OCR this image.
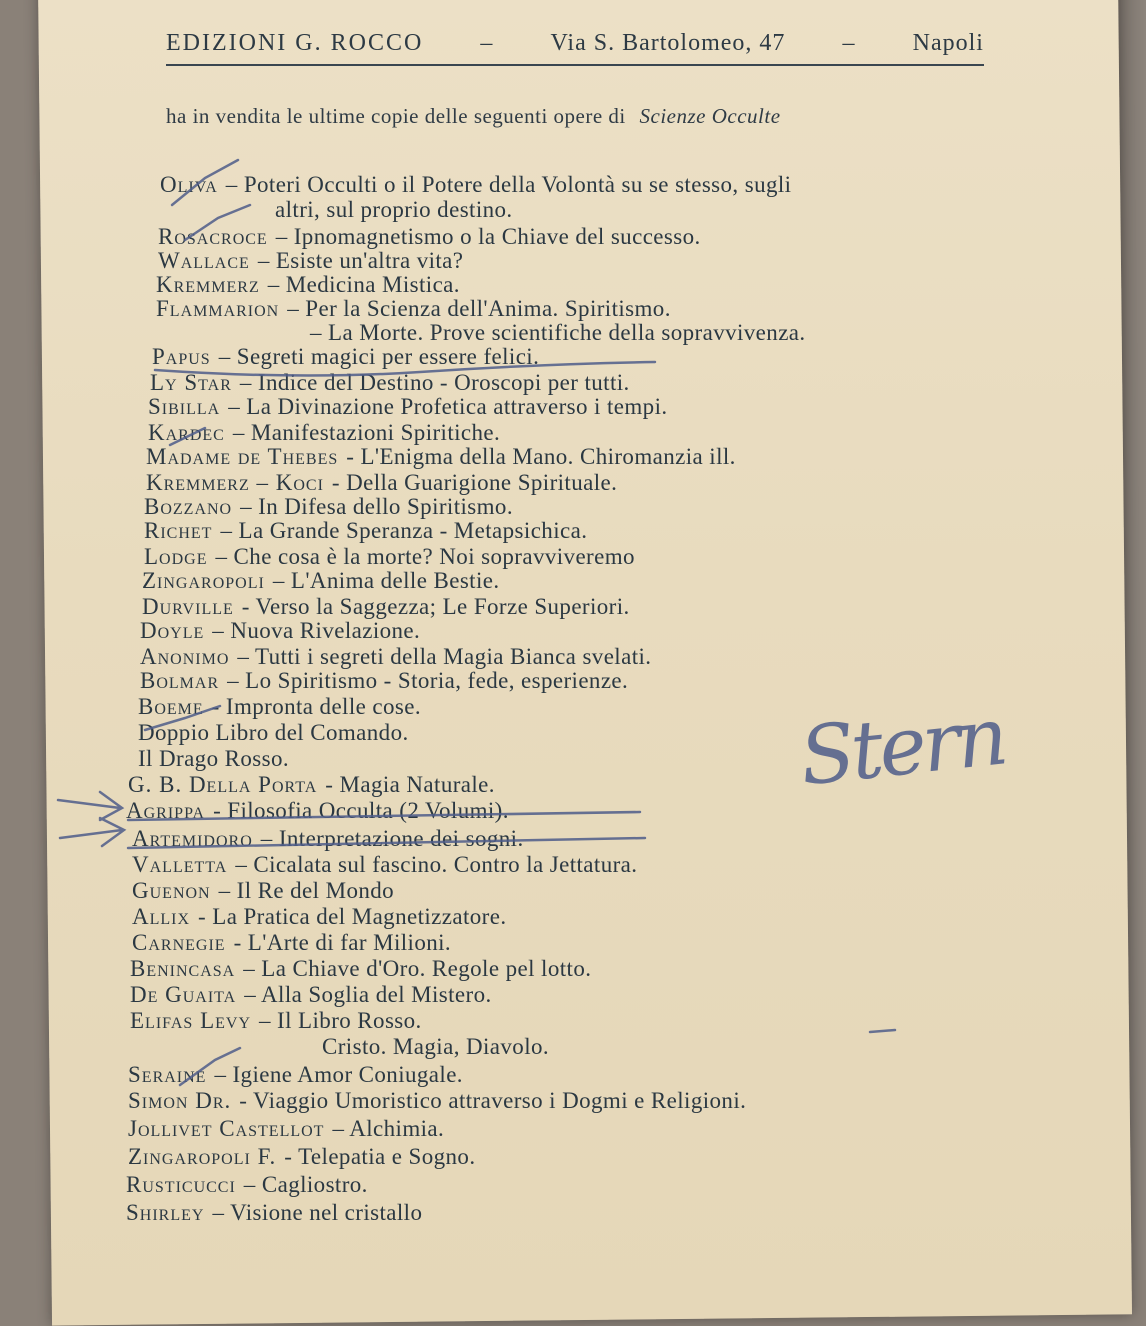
EDIZIONI G. ROCCO – Via S. Bartolomeo, 47 – Napoli
ha in vendita le ultime copie delle seguenti opere di Scienze Occulte
Oliva – Poteri Occulti o il Potere della Volontà su se stesso, sugli
altri, sul proprio destino.
Rosacroce – Ipnomagnetismo o la Chiave del successo.
Wallace – Esiste un'altra vita?
Kremmerz – Medicina Mistica.
Flammarion – Per la Scienza dell'Anima. Spiritismo.
– La Morte. Prove scientifiche della sopravvivenza.
Papus – Segreti magici per essere felici.
Ly Star – Indice del Destino - Oroscopi per tutti.
Sibilla – La Divinazione Profetica attraverso i tempi.
Kardec – Manifestazioni Spiritiche.
Madame de Thebes - L'Enigma della Mano. Chiromanzia ill.
Kremmerz – Koci - Della Guarigione Spirituale.
Bozzano – In Difesa dello Spiritismo.
Richet – La Grande Speranza - Metapsichica.
Lodge – Che cosa è la morte? Noi sopravviveremo
Zingaropoli – L'Anima delle Bestie.
Durville - Verso la Saggezza; Le Forze Superiori.
Doyle – Nuova Rivelazione.
Anonimo – Tutti i segreti della Magia Bianca svelati.
Bolmar – Lo Spiritismo - Storia, fede, esperienze.
Boeme - Impronta delle cose.
Doppio Libro del Comando.
Il Drago Rosso.
G. B. Della Porta - Magia Naturale.
Agrippa - Filosofia Occulta (2 Volumi).
Artemidoro – Interpretazione dei sogni.
Valletta – Cicalata sul fascino. Contro la Jettatura.
Guenon – Il Re del Mondo
Allix - La Pratica del Magnetizzatore.
Carnegie - L'Arte di far Milioni.
Benincasa – La Chiave d'Oro. Regole pel lotto.
De Guaita – Alla Soglia del Mistero.
Elifas Levy – Il Libro Rosso.
Cristo. Magia, Diavolo.
Seraine – Igiene Amor Coniugale.
Simon Dr. - Viaggio Umoristico attraverso i Dogmi e Religioni.
Jollivet Castellot – Alchimia.
Zingaropoli F. - Telepatia e Sogno.
Rusticucci – Cagliostro.
Shirley – Visione nel cristallo
Stern
